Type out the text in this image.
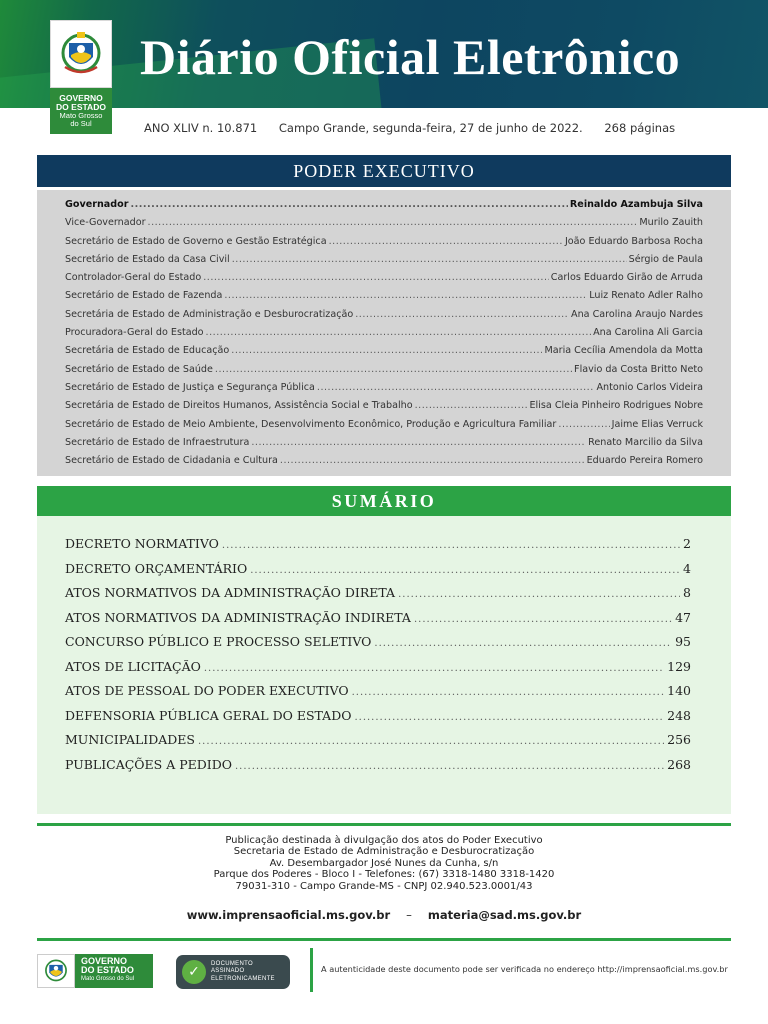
GOVERNO
DO ESTADO
Mato Grosso
do Sul
Diário Oficial Eletrônico
ANO XLIV n. 10.871 Campo Grande, segunda-feira, 27 de junho de 2022. 268 páginas
PODER EXECUTIVO
Governador .....	Reinaldo Azambuja Silva
Vice-Governador .....	Murilo Zauith
Secretário de Estado de Governo e Gestão Estratégica .....	João Eduardo Barbosa Rocha
Secretário de Estado da Casa Civil .....	Sérgio de Paula
Controlador-Geral do Estado .....	Carlos Eduardo Girão de Arruda
Secretário de Estado de Fazenda .....	Luiz Renato Adler Ralho
Secretária de Estado de Administração e Desburocratização .....	Ana Carolina Araujo Nardes
Procuradora-Geral do Estado .....	Ana Carolina Ali Garcia
Secretária de Estado de Educação .....	Maria Cecília Amendola da Motta
Secretário de Estado de Saúde .....	Flavio da Costa Britto Neto
Secretário de Estado de Justiça e Segurança Pública .....	Antonio Carlos Videira
Secretária de Estado de Direitos Humanos, Assistência Social e Trabalho .....	Elisa Cleia Pinheiro Rodrigues Nobre
Secretário de Estado de Meio Ambiente, Desenvolvimento Econômico, Produção e Agricultura Familiar .....	Jaime Elias Verruck
Secretário de Estado de Infraestrutura .....	Renato Marcilio da Silva
Secretário de Estado de Cidadania e Cultura .....	Eduardo Pereira Romero
SUMÁRIO
DECRETO NORMATIVO .....	2
DECRETO ORÇAMENTÁRIO .....	4
ATOS NORMATIVOS DA ADMINISTRAÇÃO DIRETA .....	8
ATOS NORMATIVOS DA ADMINISTRAÇÃO INDIRETA .....	47
CONCURSO PÚBLICO E PROCESSO SELETIVO .....	95
ATOS DE LICITAÇÃO .....	129
ATOS DE PESSOAL DO PODER EXECUTIVO .....	140
DEFENSORIA PÚBLICA GERAL DO ESTADO .....	248
MUNICIPALIDADES .....	256
PUBLICAÇÕES A PEDIDO .....	268
Publicação destinada à divulgação dos atos do Poder Executivo
Secretaria de Estado de Administração e Desburocratização
Av. Desembargador José Nunes da Cunha, s/n
Parque dos Poderes - Bloco I - Telefones: (67) 3318-1480 3318-1420
79031-310 - Campo Grande-MS - CNPJ 02.940.523.0001/43
www.imprensaoficial.ms.gov.br – materia@sad.ms.gov.br
GOVERNO
DO ESTADO
Mato Grosso do Sul	✓	DOCUMENTO
ASSINADO
ELETRONICAMENTE
A autenticidade deste documento pode ser verificada no endereço http://imprensaoficial.ms.gov.br
